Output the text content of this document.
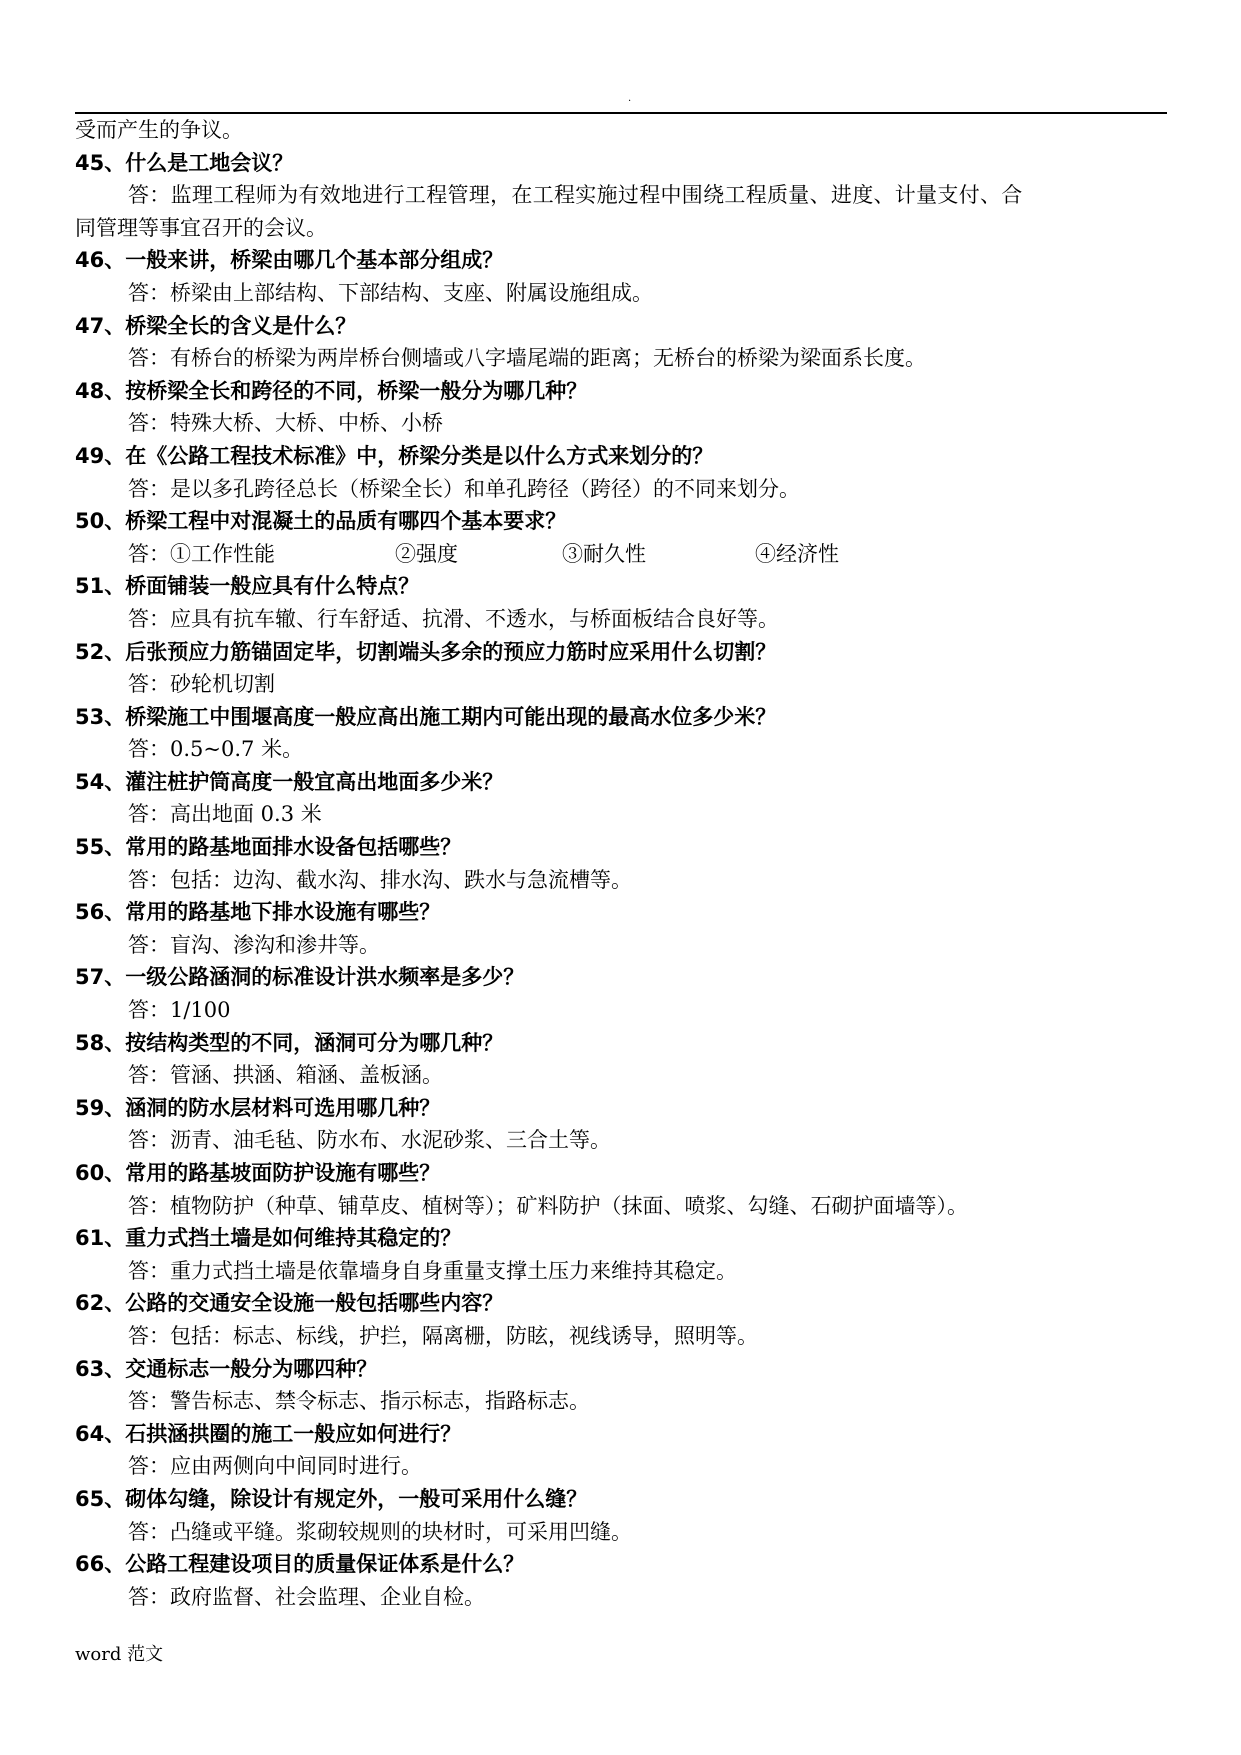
.
受而产生的争议。
45、什么是工地会议？
答：监理工程师为有效地进行工程管理，在工程实施过程中围绕工程质量、进度、计量支付、合
同管理等事宜召开的会议。
46、一般来讲，桥梁由哪几个基本部分组成？
答：桥梁由上部结构、下部结构、支座、附属设施组成。
47、桥梁全长的含义是什么？
答：有桥台的桥梁为两岸桥台侧墙或八字墙尾端的距离；无桥台的桥梁为梁面系长度。
48、按桥梁全长和跨径的不同，桥梁一般分为哪几种？
答：特殊大桥、大桥、中桥、小桥
49、在《公路工程技术标准》中，桥梁分类是以什么方式来划分的？
答：是以多孔跨径总长（桥梁全长）和单孔跨径（跨径）的不同来划分。
50、桥梁工程中对混凝土的品质有哪四个基本要求？
答： ①工作性能	②强度	③耐久性	④经济性
51、桥面铺装一般应具有什么特点？
答：应具有抗车辙、行车舒适、抗滑、不透水，与桥面板结合良好等。
52、后张预应力筋锚固定毕，切割端头多余的预应力筋时应采用什么切割？
答：砂轮机切割
53、桥梁施工中围堰高度一般应高出施工期内可能出现的最高水位多少米？
答：0.5~0.7 米。
54、灌注桩护筒高度一般宜高出地面多少米？
答：高出地面 0.3 米
55、常用的路基地面排水设备包括哪些？
答：包括：边沟、截水沟、排水沟、跌水与急流槽等。
56、常用的路基地下排水设施有哪些？
答：盲沟、渗沟和渗井等。
57、一级公路涵洞的标准设计洪水频率是多少？
答：1/100
58、按结构类型的不同，涵洞可分为哪几种？
答：管涵、拱涵、箱涵、盖板涵。
59、涵洞的防水层材料可选用哪几种？
答：沥青、油毛毡、防水布、水泥砂浆、三合土等。
60、常用的路基坡面防护设施有哪些？
答：植物防护（种草、铺草皮、植树等）；矿料防护（抹面、喷浆、勾缝、石砌护面墙等）。
61、重力式挡土墙是如何维持其稳定的？
答：重力式挡土墙是依靠墙身自身重量支撑土压力来维持其稳定。
62、公路的交通安全设施一般包括哪些内容？
答：包括：标志、标线，护拦，隔离栅，防眩，视线诱导，照明等。
63、交通标志一般分为哪四种？
答：警告标志、禁令标志、指示标志，指路标志。
64、石拱涵拱圈的施工一般应如何进行？
答：应由两侧向中间同时进行。
65、砌体勾缝，除设计有规定外，一般可采用什么缝？
答：凸缝或平缝。浆砌较规则的块材时，可采用凹缝。
66、公路工程建设项目的质量保证体系是什么？
答：政府监督、社会监理、企业自检。
word 范文
